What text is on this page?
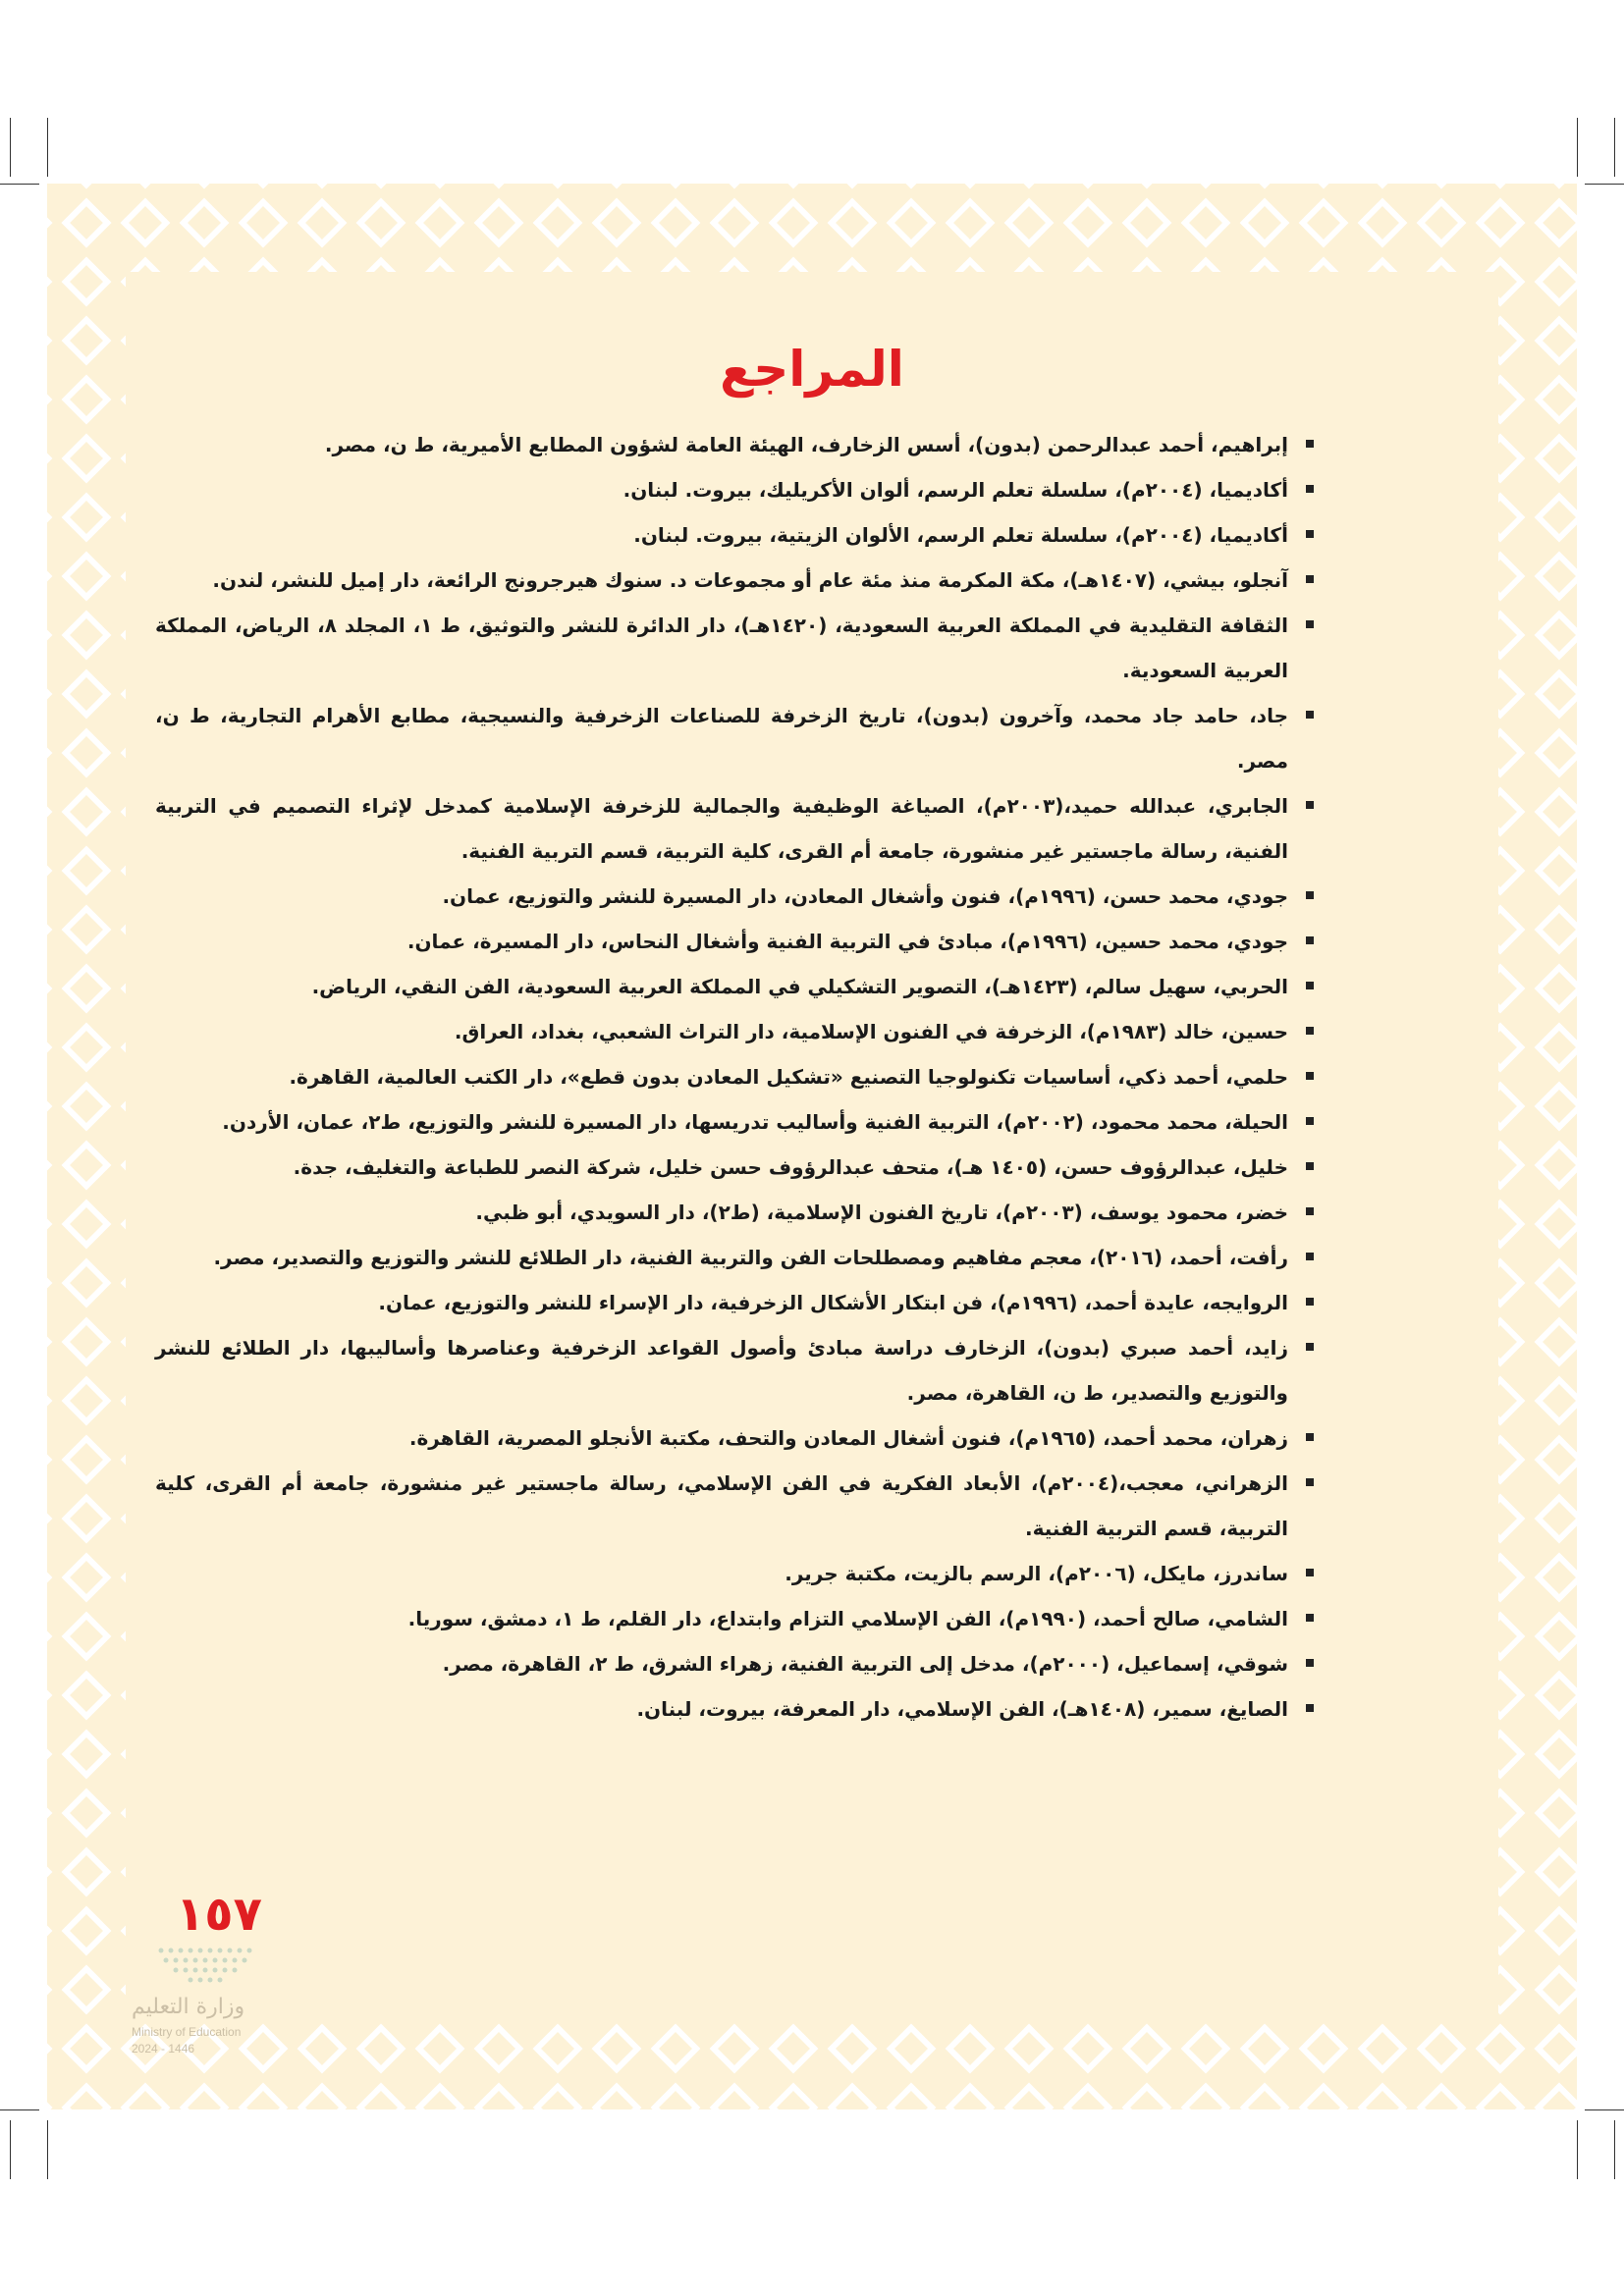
المراجع
إبراهيم، أحمد عبدالرحمن (بدون)، أسس الزخارف، الهيئة العامة لشؤون المطابع الأميرية، ط ن، مصر.
أكاديميا، (٢٠٠٤م)، سلسلة تعلم الرسم، ألوان الأكريليك، بيروت. لبنان.
أكاديميا، (٢٠٠٤م)، سلسلة تعلم الرسم، الألوان الزيتية، بيروت. لبنان.
آنجلو، بيشي، (١٤٠٧هـ)، مكة المكرمة منذ مئة عام أو مجموعات د. سنوك هيرجرونج الرائعة، دار إميل للنشر، لندن.
الثقافة التقليدية في المملكة العربية السعودية، (١٤٢٠هـ)، دار الدائرة للنشر والتوثيق، ط ١، المجلد ٨، الرياض، المملكة العربية السعودية.
جاد، حامد جاد محمد، وآخرون (بدون)، تاريخ الزخرفة للصناعات الزخرفية والنسيجية، مطابع الأهرام التجارية، ط ن، مصر.
الجابري، عبدالله حميد،(٢٠٠٣م)، الصياغة الوظيفية والجمالية للزخرفة الإسلامية كمدخل لإثراء التصميم في التربية الفنية، رسالة ماجستير غير منشورة، جامعة أم القرى، كلية التربية، قسم التربية الفنية.
جودي، محمد حسن، (١٩٩٦م)، فنون وأشغال المعادن، دار المسيرة للنشر والتوزيع، عمان.
جودي، محمد حسين، (١٩٩٦م)، مبادئ في التربية الفنية وأشغال النحاس، دار المسيرة، عمان.
الحربي، سهيل سالم، (١٤٢٣هـ)، التصوير التشكيلي في المملكة العربية السعودية، الفن النقي، الرياض.
حسين، خالد (١٩٨٣م)، الزخرفة في الفنون الإسلامية، دار التراث الشعبي، بغداد، العراق.
حلمي، أحمد ذكي، أساسيات تكنولوجيا التصنيع «تشكيل المعادن بدون قطع»، دار الكتب العالمية، القاهرة.
الحيلة، محمد محمود، (٢٠٠٢م)، التربية الفنية وأساليب تدريسها، دار المسيرة للنشر والتوزيع، ط٢، عمان، الأردن.
خليل، عبدالرؤوف حسن، (١٤٠٥ هـ)، متحف عبدالرؤوف حسن خليل، شركة النصر للطباعة والتغليف، جدة.
خضر، محمود يوسف، (٢٠٠٣م)، تاريخ الفنون الإسلامية، (ط٢)، دار السويدي، أبو ظبي.
رأفت، أحمد، (٢٠١٦)، معجم مفاهيم ومصطلحات الفن والتربية الفنية، دار الطلائع للنشر والتوزيع والتصدير، مصر.
الروايجه، عايدة أحمد، (١٩٩٦م)، فن ابتكار الأشكال الزخرفية، دار الإسراء للنشر والتوزيع، عمان.
زايد، أحمد صبري (بدون)، الزخارف دراسة مبادئ وأصول القواعد الزخرفية وعناصرها وأساليبها، دار الطلائع للنشر والتوزيع والتصدير، ط ن، القاهرة، مصر.
زهران، محمد أحمد، (١٩٦٥م)، فنون أشغال المعادن والتحف، مكتبة الأنجلو المصرية، القاهرة.
الزهراني، معجب،(٢٠٠٤م)، الأبعاد الفكرية في الفن الإسلامي، رسالة ماجستير غير منشورة، جامعة أم القرى، كلية التربية، قسم التربية الفنية.
ساندرز، مايكل، (٢٠٠٦م)، الرسم بالزيت، مكتبة جرير.
الشامي، صالح أحمد، (١٩٩٠م)، الفن الإسلامي التزام وابتداع، دار القلم، ط ١، دمشق، سوريا.
شوقي، إسماعيل، (٢٠٠٠م)، مدخل إلى التربية الفنية، زهراء الشرق، ط ٢، القاهرة، مصر.
الصايغ، سمير، (١٤٠٨هـ)، الفن الإسلامي، دار المعرفة، بيروت، لبنان.
١٥٧
وزارة التعليم
Ministry of Education
2024 - 1446
